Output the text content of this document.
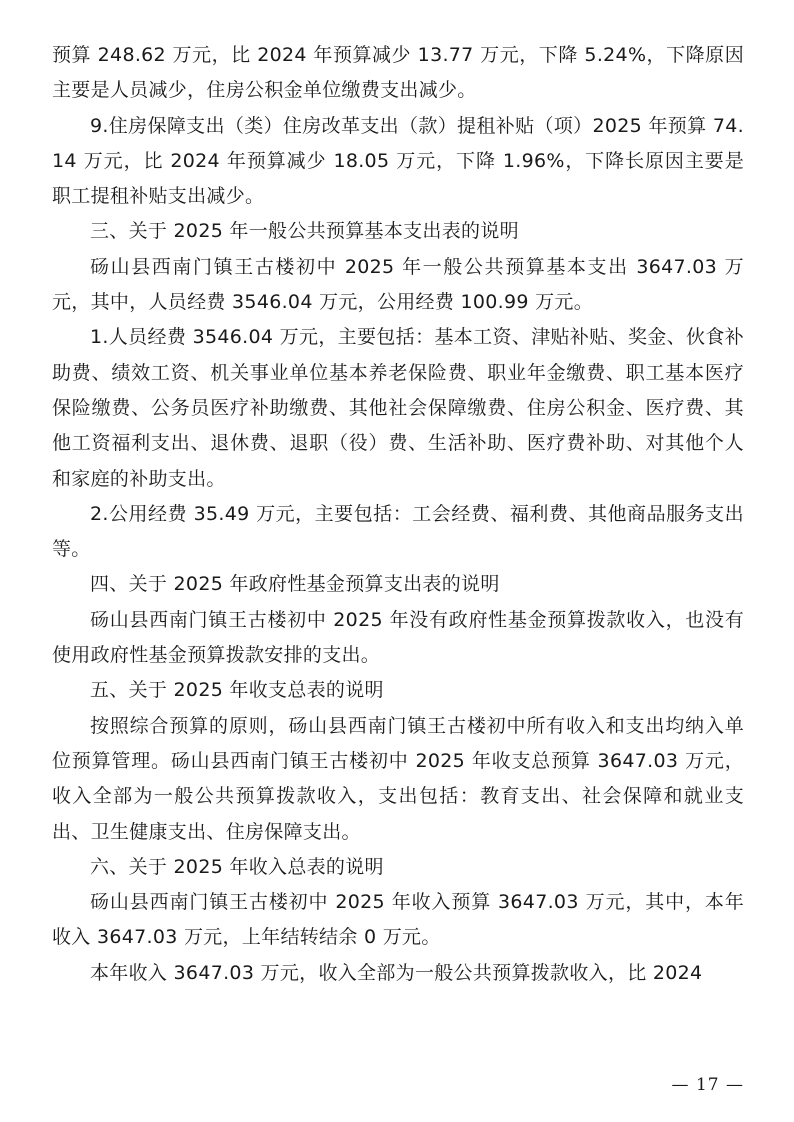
预算 248.62 万元，比 2024 年预算减少 13.77 万元，下降 5.24%，下降原因主要是人员减少，住房公积金单位缴费支出减少。

9.住房保障支出（类）住房改革支出（款）提租补贴（项）2025 年预算 74.14 万元，比 2024 年预算减少 18.05 万元，下降 1.96%，下降长原因主要是职工提租补贴支出减少。

三、关于 2025 年一般公共预算基本支出表的说明

砀山县西南门镇王古楼初中 2025 年一般公共预算基本支出 3647.03 万元，其中，人员经费 3546.04 万元，公用经费 100.99 万元。

1.人员经费 3546.04 万元，主要包括：基本工资、津贴补贴、奖金、伙食补助费、绩效工资、机关事业单位基本养老保险费、职业年金缴费、职工基本医疗保险缴费、公务员医疗补助缴费、其他社会保障缴费、住房公积金、医疗费、其他工资福利支出、退休费、退职（役）费、生活补助、医疗费补助、对其他个人和家庭的补助支出。

2.公用经费 35.49 万元，主要包括：工会经费、福利费、其他商品服务支出等。

四、关于 2025 年政府性基金预算支出表的说明

砀山县西南门镇王古楼初中 2025 年没有政府性基金预算拨款收入，也没有使用政府性基金预算拨款安排的支出。

五、关于 2025 年收支总表的说明

按照综合预算的原则，砀山县西南门镇王古楼初中所有收入和支出均纳入单位预算管理。砀山县西南门镇王古楼初中 2025 年收支总预算 3647.03 万元，收入全部为一般公共预算拨款收入，支出包括：教育支出、社会保障和就业支出、卫生健康支出、住房保障支出。

六、关于 2025 年收入总表的说明

砀山县西南门镇王古楼初中 2025 年收入预算 3647.03 万元，其中，本年收入 3647.03 万元，上年结转结余 0 万元。

本年收入 3647.03 万元，收入全部为一般公共预算拨款收入，比 2024

— 17 —
